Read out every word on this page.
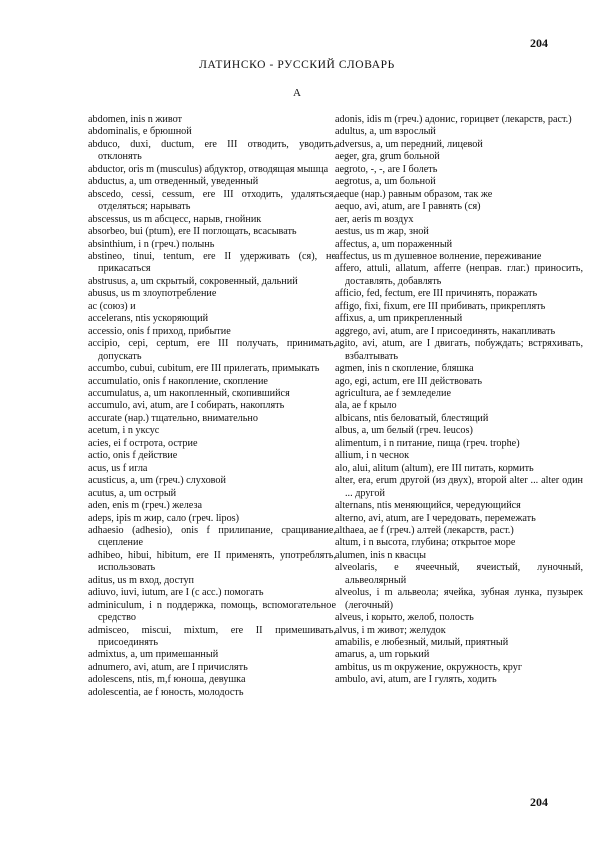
204
ЛАТИНСКО - РУССКИЙ СЛОВАРЬ
A
abdomen, inis n живот
abdominalis, e брюшной
abduco, duxi, ductum, ere III отводить, уводить, отклонять
abductor, oris m (musculus) абдуктор, отводящая мышца
abductus, a, um отведенный, уведенный
abscedo, cessi, cessum, ere III отходить, удаляться, отделяться; нарывать
abscessus, us m абсцесс, нарыв, гнойник
absorbeo, bui (ptum), ere II поглощать, всасывать
absinthium, i n (греч.) полынь
abstineo, tinui, tentum, ere II удерживать (ся), не прикасаться
abstrusus, a, um скрытый, сокровенный, дальний
abusus, us m злоупотребление
ac (союз) и
accelerans, ntis ускоряющий
accessio, onis f приход, прибытие
accipio, cepi, ceptum, ere III получать, принимать, допускать
accumbo, cubui, cubitum, ere III прилегать, примыкать
accumulatio, onis f накопление, скопление
accumulatus, a, um накопленный, скопившийся
accumulo, avi, atum, are I собирать, накоплять
accurate (нар.) тщательно, внимательно
acetum, i n уксус
acies, ei f острота, острие
actio, onis f действие
acus, us f игла
acusticus, a, um (греч.) слуховой
acutus, a, um острый
aden, enis m (греч.) железа
adeps, ipis m жир, сало (греч. lipos)
adhaesio (adhesio), onis f прилипание, сращивание, сцепление
adhibeo, hibui, hibitum, ere II применять, употреблять, использовать
aditus, us m вход, доступ
adiuvo, iuvi, iutum, are I (c acc.) помогать
adminiculum, i n поддержка, помощь, вспомогательное средство
admisceo, miscui, mixtum, ere II примешивать, присоединять
admixtus, a, um примешанный
adnumero, avi, atum, are I причислять
adolescens, ntis, m,f юноша, девушка
adolescentia, ae f юность, молодость
adonis, idis m (греч.) адонис, горицвет (лекарств, раст.)
adultus, a, um взрослый
adversus, a, um передний, лицевой
aeger, gra, grum больной
aegroto, -, -, are I болеть
aegrotus, a, um больной
aeque (нар.) равным образом, так же
aequo, avi, atum, are I равнять (ся)
aer, aeris m воздух
aestus, us m жар, зной
affectus, a, um пораженный
affectus, us m душевное волнение, переживание
affero, attuli, allatum, afferre (неправ. глаг.) приносить, доставлять, добавлять
afficio, fed, fectum, ere III причинять, поражать
affigo, fixi, fixum, ere III прибивать, прикреплять
affixus, a, um прикрепленный
aggrego, avi, atum, are I присоединять, накапливать
agito, avi, atum, are I двигать, побуждать; встряхивать, взбалтывать
agmen, inis n скопление, бляшка
ago, egi, actum, ere III действовать
agricultura, ae f земледелие
ala, ae f крыло
albicans, ntis беловатый, блестящий
albus, a, um белый (греч. leucos)
alimentum, i n питание, пища (греч. trophe)
allium, i n чеснок
alo, alui, alitum (altum), ere III питать, кормить
alter, era, erum другой (из двух), второй alter ... alter один ... другой
alternans, ntis меняющийся, чередующийся
alterno, avi, atum, are I чередовать, перемежать
althaea, ae f (греч.) алтей (лекарств, раст.)
altum, i n высота, глубина; открытое море
alumen, inis n квасцы
alveolaris, e ячеечный, ячеистый, луночный, альвеолярный
alveolus, i m альвеола; ячейка, зубная лунка, пузырек (легочный)
alveus, i корыто, желоб, полость
alvus, i m живот; желудок
amabilis, e любезный, милый, приятный
amarus, a, um горький
ambitus, us m окружение, окружность, круг
ambulo, avi, atum, are I гулять, ходить
204
